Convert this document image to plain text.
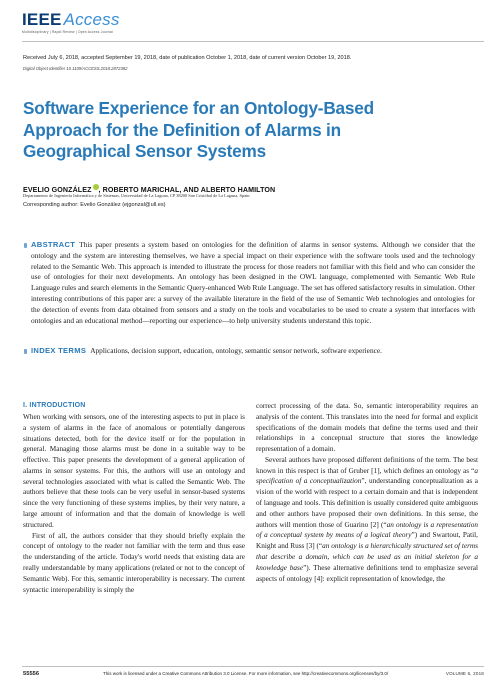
IEEE Access
Multidisciplinary | Rapid Review | Open Access Journal
Received July 6, 2018, accepted September 19, 2018, date of publication October 1, 2018, date of current version October 19, 2018.
Digital Object Identifier 10.1109/ACCESS.2018.2872382
Software Experience for an Ontology-Based Approach for the Definition of Alarms in Geographical Sensor Systems
EVELIO GONZÁLEZ , ROBERTO MARICHAL, AND ALBERTO HAMILTON
Departamento de Ingeniería Informática y de Sistemas, Universidad de La Laguna, CP 38200 San Cristóbal de La Laguna, Spain
Corresponding author: Evelio González (ejgonzal@ull.es)
ABSTRACT This paper presents a system based on ontologies for the definition of alarms in sensor systems. Although we consider that the ontology and the system are interesting themselves, we have a special impact on their experience with the software tools used and the technology related to the Semantic Web. This approach is intended to illustrate the process for those readers not familiar with this field and who can consider the use of ontologies for their next developments. An ontology has been designed in the OWL language, complemented with Semantic Web Rule Language rules and search elements in the Semantic Query-enhanced Web Rule Language. The set has offered satisfactory results in simulation. Other interesting contributions of this paper are: a survey of the available literature in the field of the use of Semantic Web technologies and ontologies for the detection of events from data obtained from sensors and a study on the tools and vocabularies to be used to create a system that interfaces with ontologies and an educational method—reporting our experience—to help university students understand this topic.
INDEX TERMS Applications, decision support, education, ontology, semantic sensor network, software experience.
I. INTRODUCTION

When working with sensors, one of the interesting aspects to put in place is a system of alarms in the face of anomalous or potentially dangerous situations detected, both for the device itself or for the population in general. Managing those alarms must be done in a suitable way to be effective. This paper presents the development of a general application of alarms in sensor systems. For this, the authors will use an ontology and several technologies associated with what is called the Semantic Web. The authors believe that these tools can be very useful in sensor-based systems since the very functioning of these systems implies, by their very nature, a large amount of information and that the domain of knowledge is well structured.

First of all, the authors consider that they should briefly explain the concept of ontology to the reader not familiar with the term and thus ease the understanding of the article. Today's world needs that existing data are really understandable by many applications (related or not to the concept of Semantic Web). For this, semantic interoperability is necessary. The current syntactic interoperability is simply the

correct processing of the data. So, semantic interoperability requires an analysis of the content. This translates into the need for formal and explicit specifications of the domain models that define the terms used and their relationships in a conceptual structure that stores the knowledge representation of a domain.

Several authors have proposed different definitions of the term. The best known in this respect is that of Gruber [1], which defines an ontology as “a specification of a conceptualization”, understanding conceptualization as a vision of the world with respect to a certain domain and that is independent of language and tools. This definition is usually considered quite ambiguous and other authors have proposed their own definitions. In this sense, the authors will mention those of Guarino [2] (“an ontology is a representation of a conceptual system by means of a logical theory”) and Swartout, Patil, Knight and Russ [3] (“an ontology is a hierarchically structured set of terms that describe a domain, which can be used as an initial skeleton for a knowledge base”). These alternative definitions tend to emphasize several aspects of ontology [4]: explicit representation of knowledge, the

55556	This work is licensed under a Creative Commons Attribution 3.0 License. For more information, see http://creativecommons.org/licenses/by/3.0/	VOLUME 6, 2018
